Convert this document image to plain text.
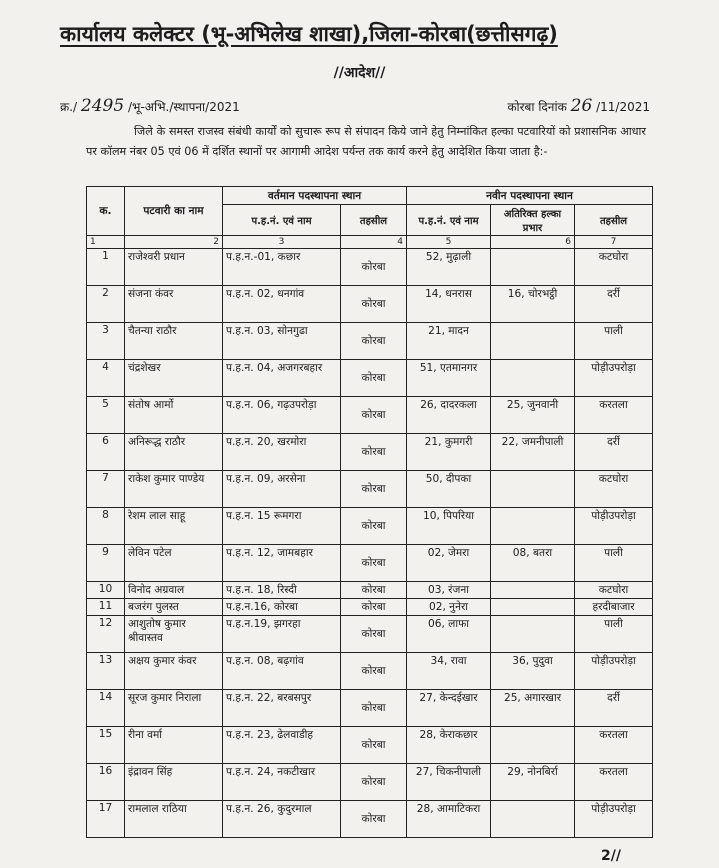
कार्यालय कलेक्टर (भू-अभिलेख शाखा),जिला-कोरबा(छत्तीसगढ़)
//आदेश//
क्र./ 2495 /भू-अभि./स्थापना/2021	कोरबा दिनांक 26 /11/2021
जिले के समस्त राजस्व संबंधी कार्यों को सुचारू रूप से संपादन किये जाने हेतु निम्नांकित हल्का पटवारियों को प्रशासनिक आधार पर कॉलम नंबर 05 एवं 06 में दर्शित स्थानों पर आगामी आदेश पर्यन्त तक कार्य करने हेतु आदेशित किया जाता है:-
क.	पटवारी का नाम	वर्तमान पदस्थापना स्थान		नवीन पदस्थापना स्थान		
		प.ह.नं. एवं नाम	तहसील	प.ह.नं. एवं नाम	अतिरिक्त हल्का प्रभार	तहसील
1	2	3	4	5	6	7
1	राजेश्वरी प्रधान	प.ह.न.-01, कछार	कोरबा	52, मुढ़ाली		कटघोरा
2	संजना कंवर	प.ह.न. 02, धनगांव	कोरबा	14, धनरास	16, चोरभट्ठी	दर्री
3	चैतन्या राठौर	प.ह.न. 03, सोनगुढा	कोरबा	21, मादन		पाली
4	चंद्रशेखर	प.ह.न. 04, अजगरबहार	कोरबा	51, एतमानगर		पोड़ीउपरोड़ा
5	संतोष आर्मो	प.ह.न. 06, गढ़उपरोड़ा	कोरबा	26, दादरकला	25, जुनवानी	करतला
6	अनिरूद्ध राठौर	प.ह.न. 20, खरमोरा	कोरबा	21, कुमगरी	22, जमनीपाली	दर्री
7	राकेश कुमार पाण्डेय	प.ह.न. 09, अरसेना	कोरबा	50, दीपका		कटघोरा
8	रेशम लाल साहू	प.ह.न. 15 रूमगरा	कोरबा	10, पिपरिया		पोड़ीउपरोड़ा
9	लेविन पटेल	प.ह.न. 12, जामबहार	कोरबा	02, जेमरा	08, बतरा	पाली
10	विनोद अग्रवाल	प.ह.न. 18, रिस्दी	कोरबा	03, रंजना		कटघोरा
11	बजरंग पुलस्त	प.ह.न.16, कोरबा	कोरबा	02, नुनेरा		हरदीबाजार
12	आशुतोष कुमार श्रीवास्तव	प.ह.न.19, झगरहा	कोरबा	06, लाफा		पाली
13	अक्षय कुमार कंवर	प.ह.न. 08, बढ़गांव	कोरबा	34, रावा	36, पुदुवा	पोड़ीउपरोड़ा
14	सूरज कुमार निराला	प.ह.न. 22, बरबसपुर	कोरबा	27, केन्दईखार	25, अगारखार	दर्री
15	रीना वर्मा	प.ह.न. 23, ढेलवाडीह	कोरबा	28, केराकछार		करतला
16	इंद्रावन सिंह	प.ह.न. 24, नकटीखार	कोरबा	27, चिकनीपाली	29, नोनबिर्रा	करतला
17	रामलाल राठिया	प.ह.न. 26, कुदुरमाल	कोरबा	28, आमाटिकरा		पोड़ीउपरोड़ा
2//
